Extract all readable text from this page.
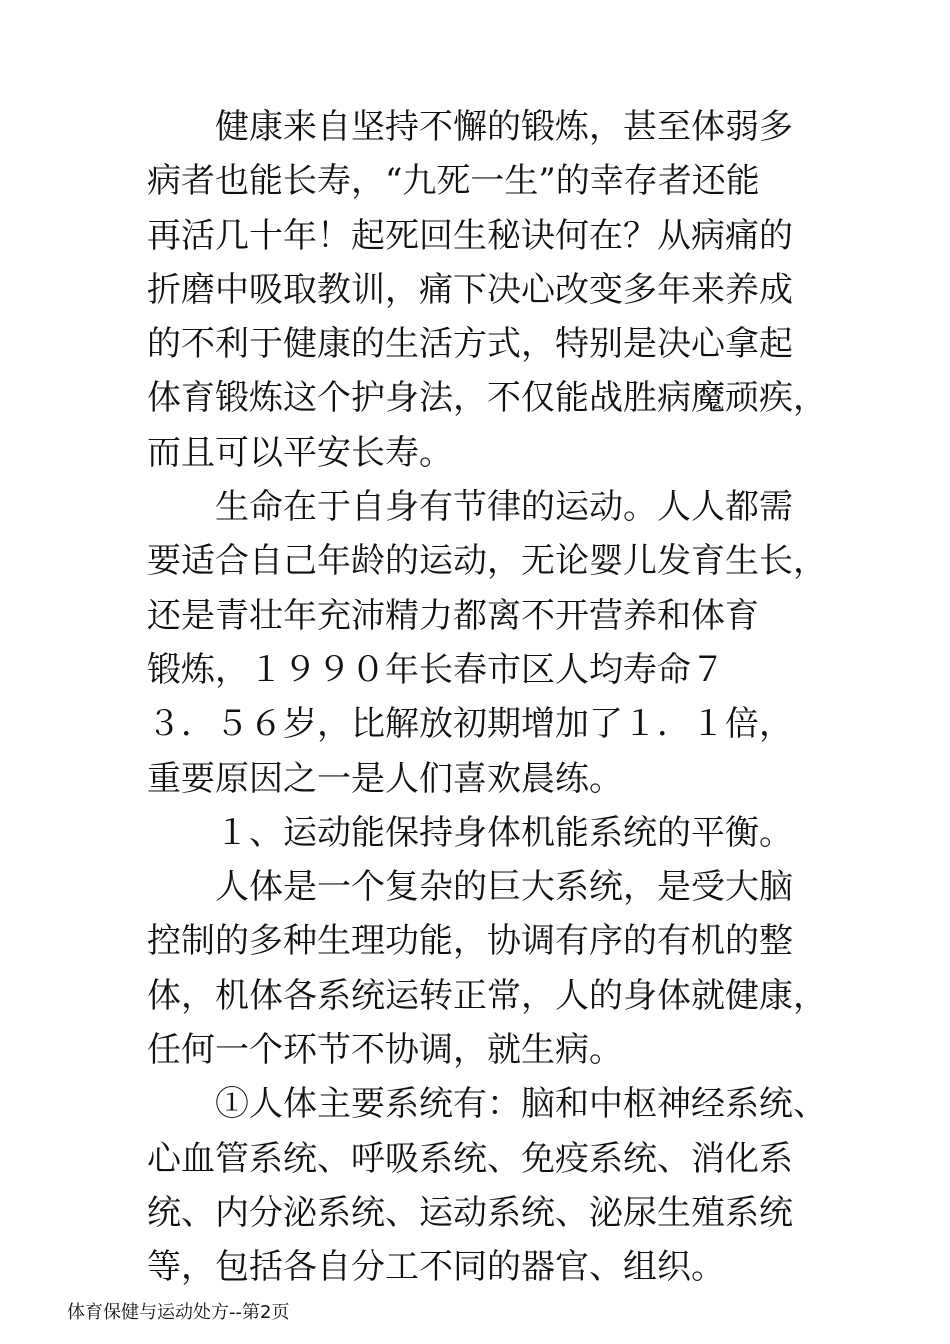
　　健康来自坚持不懈的锻炼，甚至体弱多

病者也能长寿，“九死一生”的幸存者还能

再活几十年！起死回生秘诀何在？从病痛的

折磨中吸取教训，痛下决心改变多年来养成

的不利于健康的生活方式，特别是决心拿起

体育锻炼这个护身法，不仅能战胜病魔顽疾，

而且可以平安长寿。

　　生命在于自身有节律的运动。人人都需

要适合自己年龄的运动，无论婴儿发育生长，

还是青壮年充沛精力都离不开营养和体育

锻炼，１９９０年长春市区人均寿命７

３．５６岁，比解放初期增加了１．１倍，

重要原因之一是人们喜欢晨练。

　　１、运动能保持身体机能系统的平衡。

　　人体是一个复杂的巨大系统，是受大脑

控制的多种生理功能，协调有序的有机的整

体，机体各系统运转正常，人的身体就健康，

任何一个环节不协调，就生病。

　　①人体主要系统有：脑和中枢神经系统、

心血管系统、呼吸系统、免疫系统、消化系

统、内分泌系统、运动系统、泌尿生殖系统

等，包括各自分工不同的器官、组织。

体育保健与运动处方--第2页
